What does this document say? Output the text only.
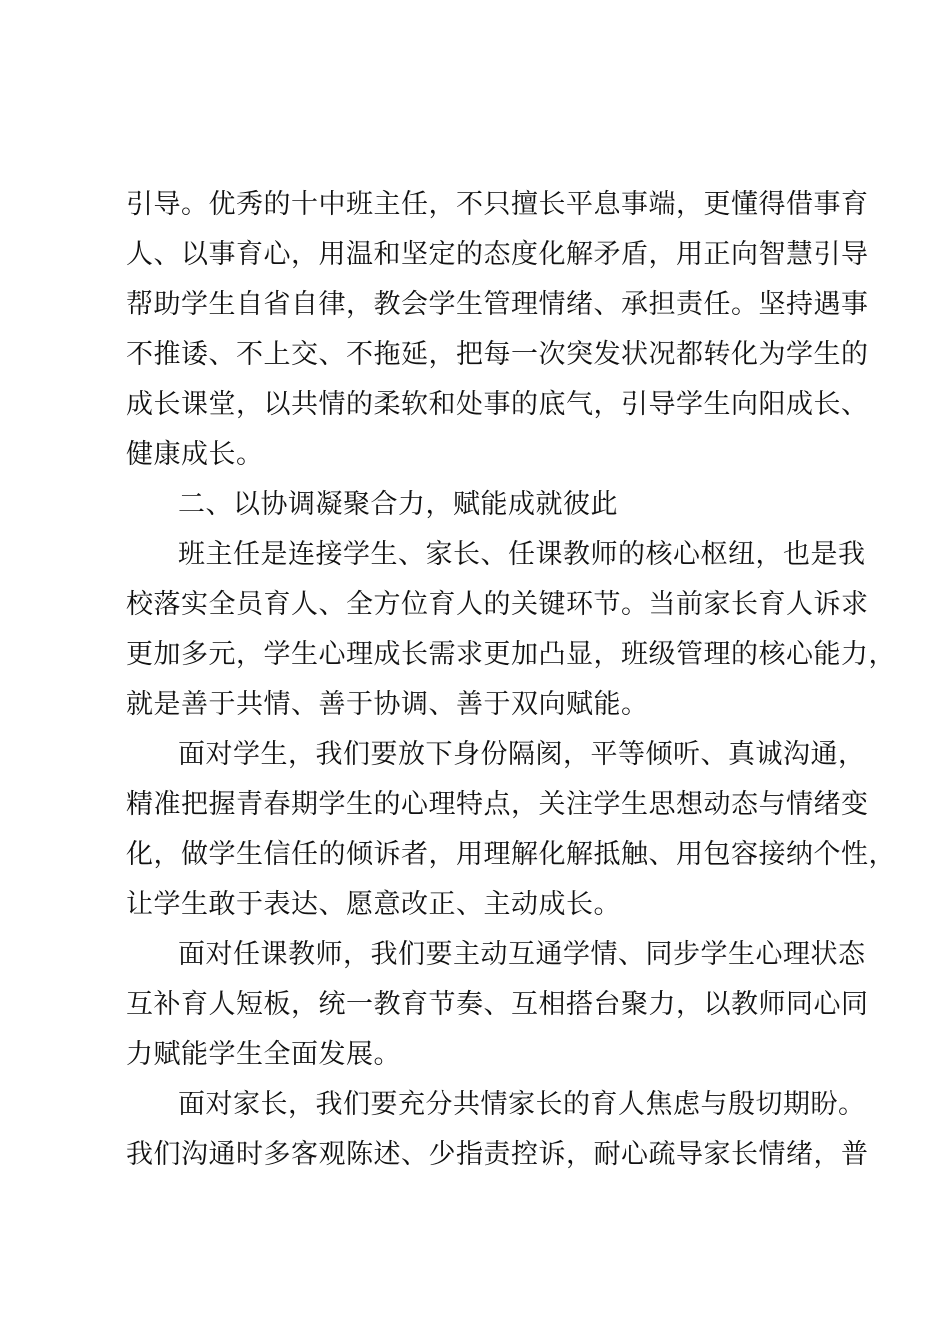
引导。优秀的十中班主任，不只擅长平息事端，更懂得借事育
人、以事育心，用温和坚定的态度化解矛盾，用正向智慧引导
帮助学生自省自律，教会学生管理情绪、承担责任。坚持遇事
不推诿、不上交、不拖延，把每一次突发状况都转化为学生的
成长课堂，以共情的柔软和处事的底气，引导学生向阳成长、
健康成长。
二、以协调凝聚合力，赋能成就彼此
班主任是连接学生、家长、任课教师的核心枢纽，也是我
校落实全员育人、全方位育人的关键环节。当前家长育人诉求
更加多元，学生心理成长需求更加凸显，班级管理的核心能力，
就是善于共情、善于协调、善于双向赋能。
面对学生，我们要放下身份隔阂，平等倾听、真诚沟通，
精准把握青春期学生的心理特点，关注学生思想动态与情绪变
化，做学生信任的倾诉者，用理解化解抵触、用包容接纳个性，
让学生敢于表达、愿意改正、主动成长。
面对任课教师，我们要主动互通学情、同步学生心理状态
互补育人短板，统一教育节奏、互相搭台聚力，以教师同心同
力赋能学生全面发展。
面对家长，我们要充分共情家长的育人焦虑与殷切期盼。
我们沟通时多客观陈述、少指责控诉，耐心疏导家长情绪，普
